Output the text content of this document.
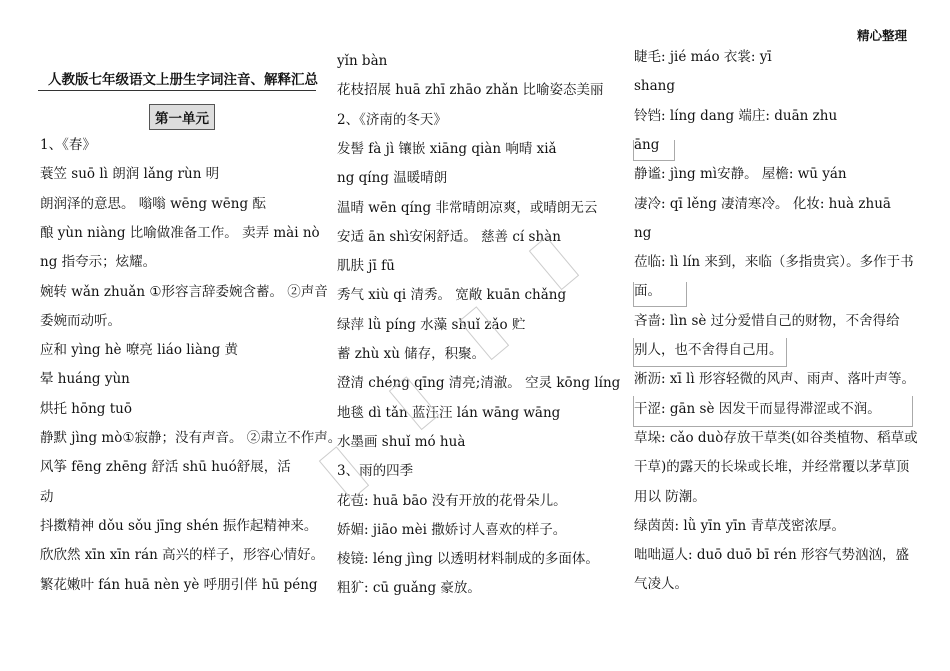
精心整理
人教版七年级语文上册生字词注音、解释汇总
第一单元
1、《春》
蓑笠 suō lì 朗润 lǎng rùn 明
朗润泽的意思。 嗡嗡 wēng wēng 酝
酿 yùn niàng 比喻做准备工作。 卖弄 mài nò
ng 指夸示；炫耀。
婉转 wǎn zhuǎn ①形容言辞委婉含蓄。 ②声音
委婉而动听。
应和 yìng hè 嘹亮 liáo liàng 黄
晕 huáng yùn
烘托 hōng tuō
静默 jìng mò①寂静；没有声音。 ②肃立不作声。
风筝 fēng zhēng 舒活 shū huó舒展，活
动
抖擞精神 dǒu sǒu jīng shén 振作起精神来。
欣欣然 xīn xīn rán 高兴的样子，形容心情好。
繁花嫩叶 fán huā nèn yè 呼朋引伴 hū péng
yǐn bàn
花枝招展 huā zhī zhāo zhǎn 比喻姿态美丽
2、《济南的冬天》
发髻 fà jì 镶嵌 xiāng qiàn 响晴 xiǎ
ng qíng 温暖晴朗
温晴 wēn qíng 非常晴朗凉爽，或晴朗无云
安适 ān shì安闲舒适。 慈善 cí shàn
肌肤 jī fū
秀气 xiù qi 清秀。 宽敞 kuān chǎng
绿萍 lǜ píng 水藻 shuǐ zǎo 贮
蓄 zhù xù 储存，积聚。
澄清 chéng qīng 清亮;清澈。 空灵 kōng líng
地毯 dì tǎn 蓝汪汪 lán wāng wāng
水墨画 shuǐ mó huà
3、雨的四季
花苞: huā bāo 没有开放的花骨朵儿。
娇媚: jiāo mèi 撒娇讨人喜欢的样子。
棱镜: léng jìng 以透明材料制成的多面体。
粗犷: cū guǎng 豪放。
睫毛: jié máo 衣裳: yī
shang
铃铛: líng dang 端庄: duān zhu
āng
静谧: jìng mì安静。 屋檐: wū yán
凄冷: qī lěng 凄清寒冷。 化妆: huà zhuā
ng
莅临: lì lín 来到，来临（多指贵宾）。多作于书
面。
吝啬: lìn sè 过分爱惜自己的财物，不舍得给
别人，也不舍得自己用。
淅沥: xī lì 形容轻微的风声、雨声、落叶声等。
干涩: gān sè 因发干而显得滞涩或不润。
草垛: cǎo duò存放干草类(如谷类植物、稻草或
干草)的露天的长垛或长堆，并经常覆以茅草顶
用以 防潮。
绿茵茵: lǜ yīn yīn 青草茂密浓厚。
咄咄逼人: duō duō bī rén 形容气势汹汹，盛
气凌人。
